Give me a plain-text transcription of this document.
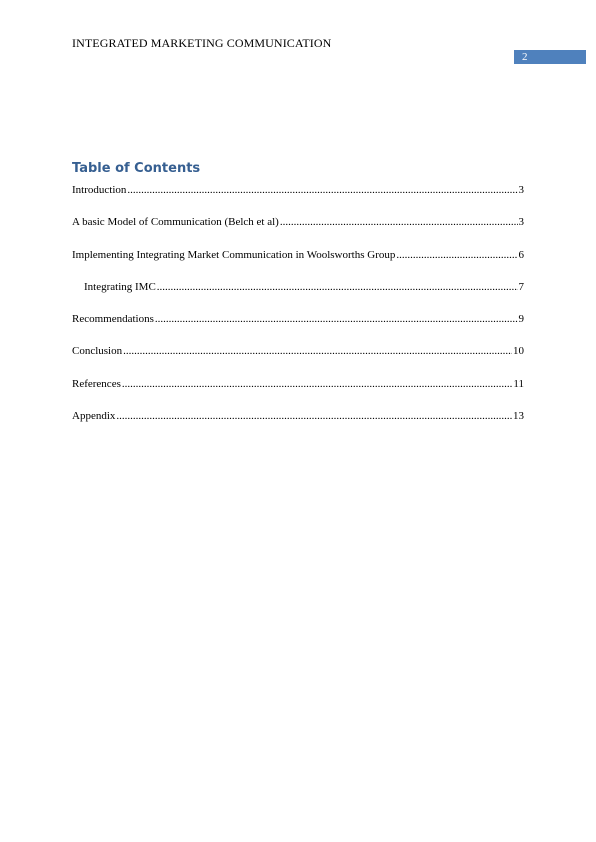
INTEGRATED MARKETING COMMUNICATION
2
Table of Contents
Introduction .....	3
A basic Model of Communication (Belch et al) .....	3
Implementing Integrating Market Communication in Woolsworths Group .....	6
Integrating IMC .....	7
Recommendations .....	9
Conclusion .....	10
References .....	11
Appendix .....	13
